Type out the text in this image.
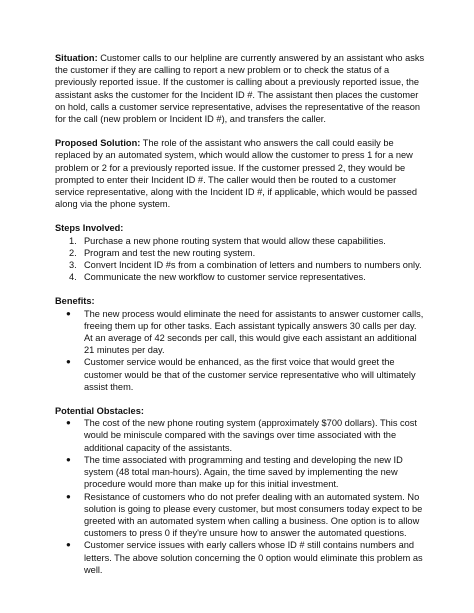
Situation: Customer calls to our helpline are currently answered by an assistant who asks the customer if they are calling to report a new problem or to check the status of a previously reported issue. If the customer is calling about a previously reported issue, the assistant asks the customer for the Incident ID #. The assistant then places the customer on hold, calls a customer service representative, advises the representative of the reason for the call (new problem or Incident ID #), and transfers the caller.

Proposed Solution: The role of the assistant who answers the call could easily be replaced by an automated system, which would allow the customer to press 1 for a new problem or 2 for a previously reported issue. If the customer pressed 2, they would be prompted to enter their Incident ID #. The caller would then be routed to a customer service representative, along with the Incident ID #, if applicable, which would be passed along via the phone system.

Steps Involved:

1. Purchase a new phone routing system that would allow these capabilities.
2. Program and test the new routing system.
3. Convert Incident ID #s from a combination of letters and numbers to numbers only.
4. Communicate the new workflow to customer service representatives.

Benefits:

● The new process would eliminate the need for assistants to answer customer calls, freeing them up for other tasks. Each assistant typically answers 30 calls per day. At an average of 42 seconds per call, this would give each assistant an additional 21 minutes per day.
● Customer service would be enhanced, as the first voice that would greet the customer would be that of the customer service representative who will ultimately assist them.

Potential Obstacles:

● The cost of the new phone routing system (approximately $700 dollars). This cost would be miniscule compared with the savings over time associated with the additional capacity of the assistants.
● The time associated with programming and testing and developing the new ID system (48 total man-hours). Again, the time saved by implementing the new procedure would more than make up for this initial investment.
● Resistance of customers who do not prefer dealing with an automated system. No solution is going to please every customer, but most consumers today expect to be greeted with an automated system when calling a business. One option is to allow customers to press 0 if they're unsure how to answer the automated questions.
● Customer service issues with early callers whose ID # still contains numbers and letters. The above solution concerning the 0 option would eliminate this problem as well.
